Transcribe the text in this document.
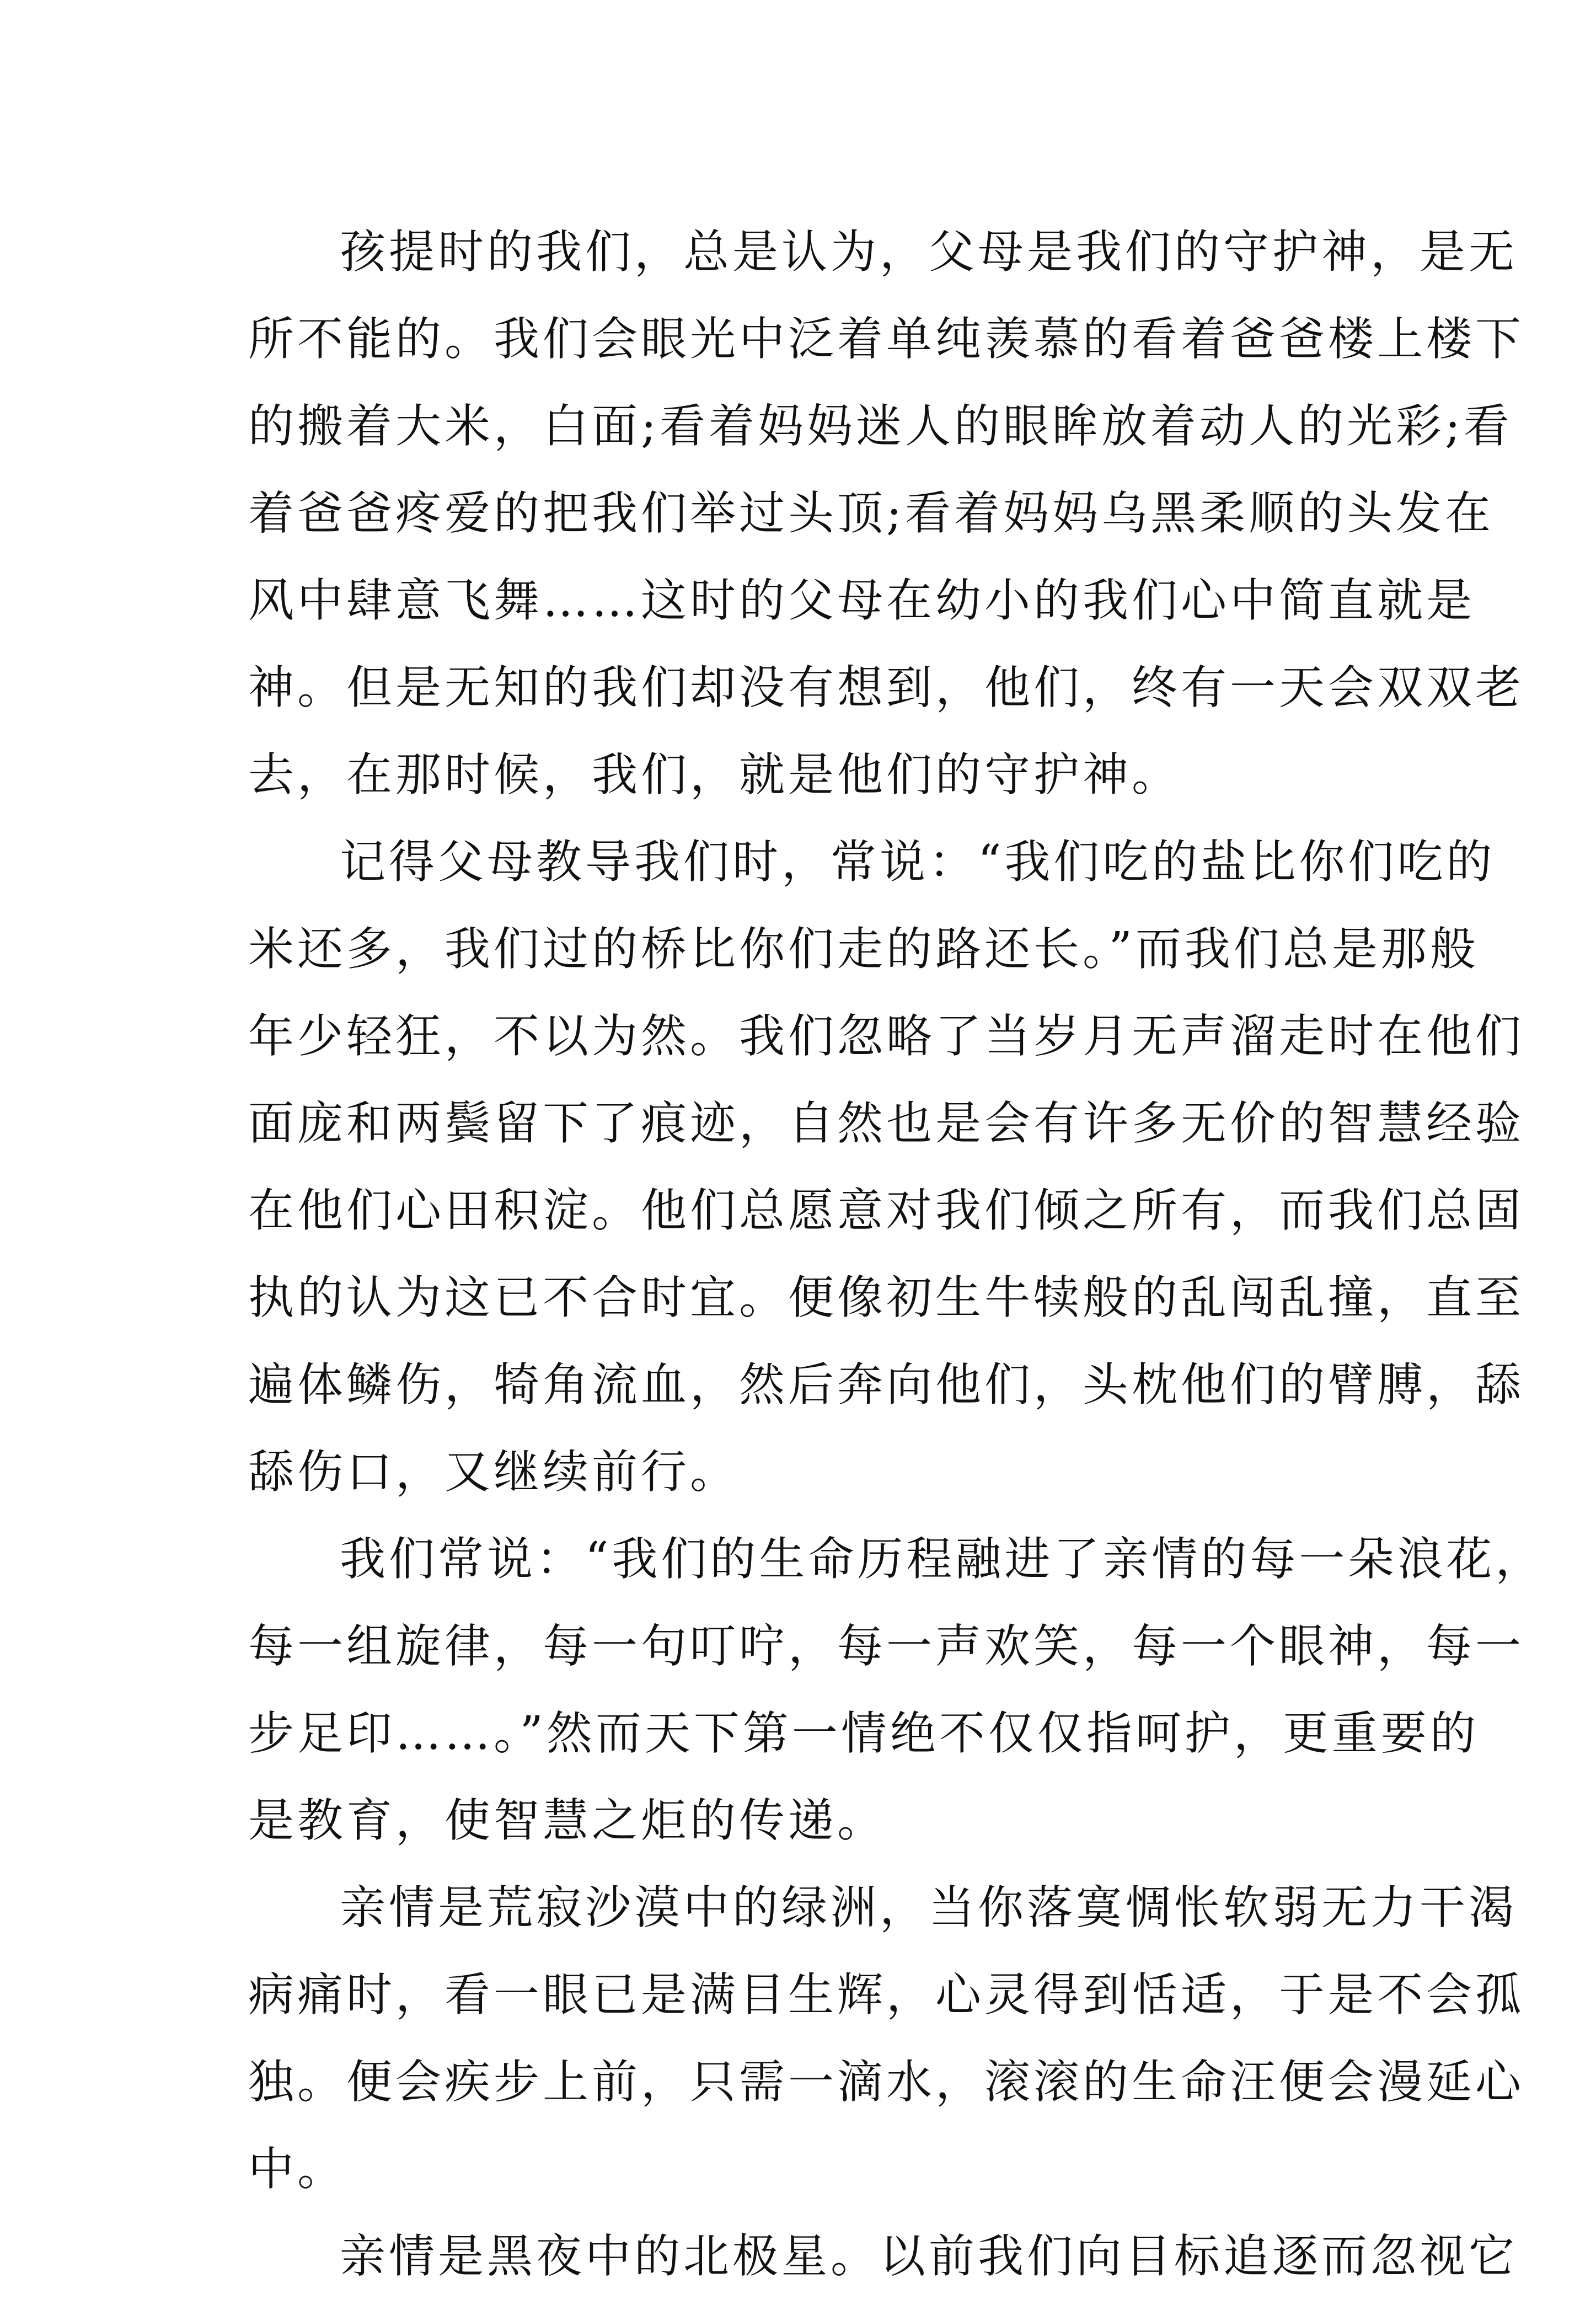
孩提时的我们，总是认为，父母是我们的守护神，是无
所不能的。我们会眼光中泛着单纯羡慕的看着爸爸楼上楼下
的搬着大米，白面;看着妈妈迷人的眼眸放着动人的光彩;看
着爸爸疼爱的把我们举过头顶;看着妈妈乌黑柔顺的头发在
风中肆意飞舞……这时的父母在幼小的我们心中简直就是
神。但是无知的我们却没有想到，他们，终有一天会双双老
去，在那时候，我们，就是他们的守护神。
记得父母教导我们时，常说：“我们吃的盐比你们吃的
米还多，我们过的桥比你们走的路还长。”而我们总是那般
年少轻狂，不以为然。我们忽略了当岁月无声溜走时在他们
面庞和两鬓留下了痕迹，自然也是会有许多无价的智慧经验
在他们心田积淀。他们总愿意对我们倾之所有，而我们总固
执的认为这已不合时宜。便像初生牛犊般的乱闯乱撞，直至
遍体鳞伤，犄角流血，然后奔向他们，头枕他们的臂膊，舔
舔伤口，又继续前行。
我们常说：“我们的生命历程融进了亲情的每一朵浪花，
每一组旋律，每一句叮咛，每一声欢笑，每一个眼神，每一
步足印……。”然而天下第一情绝不仅仅指呵护，更重要的
是教育，使智慧之炬的传递。
亲情是荒寂沙漠中的绿洲，当你落寞惆怅软弱无力干渴
病痛时，看一眼已是满目生辉，心灵得到恬适，于是不会孤
独。便会疾步上前，只需一滴水，滚滚的生命汪便会漫延心
中。
亲情是黑夜中的北极星。以前我们向目标追逐而忽视它
